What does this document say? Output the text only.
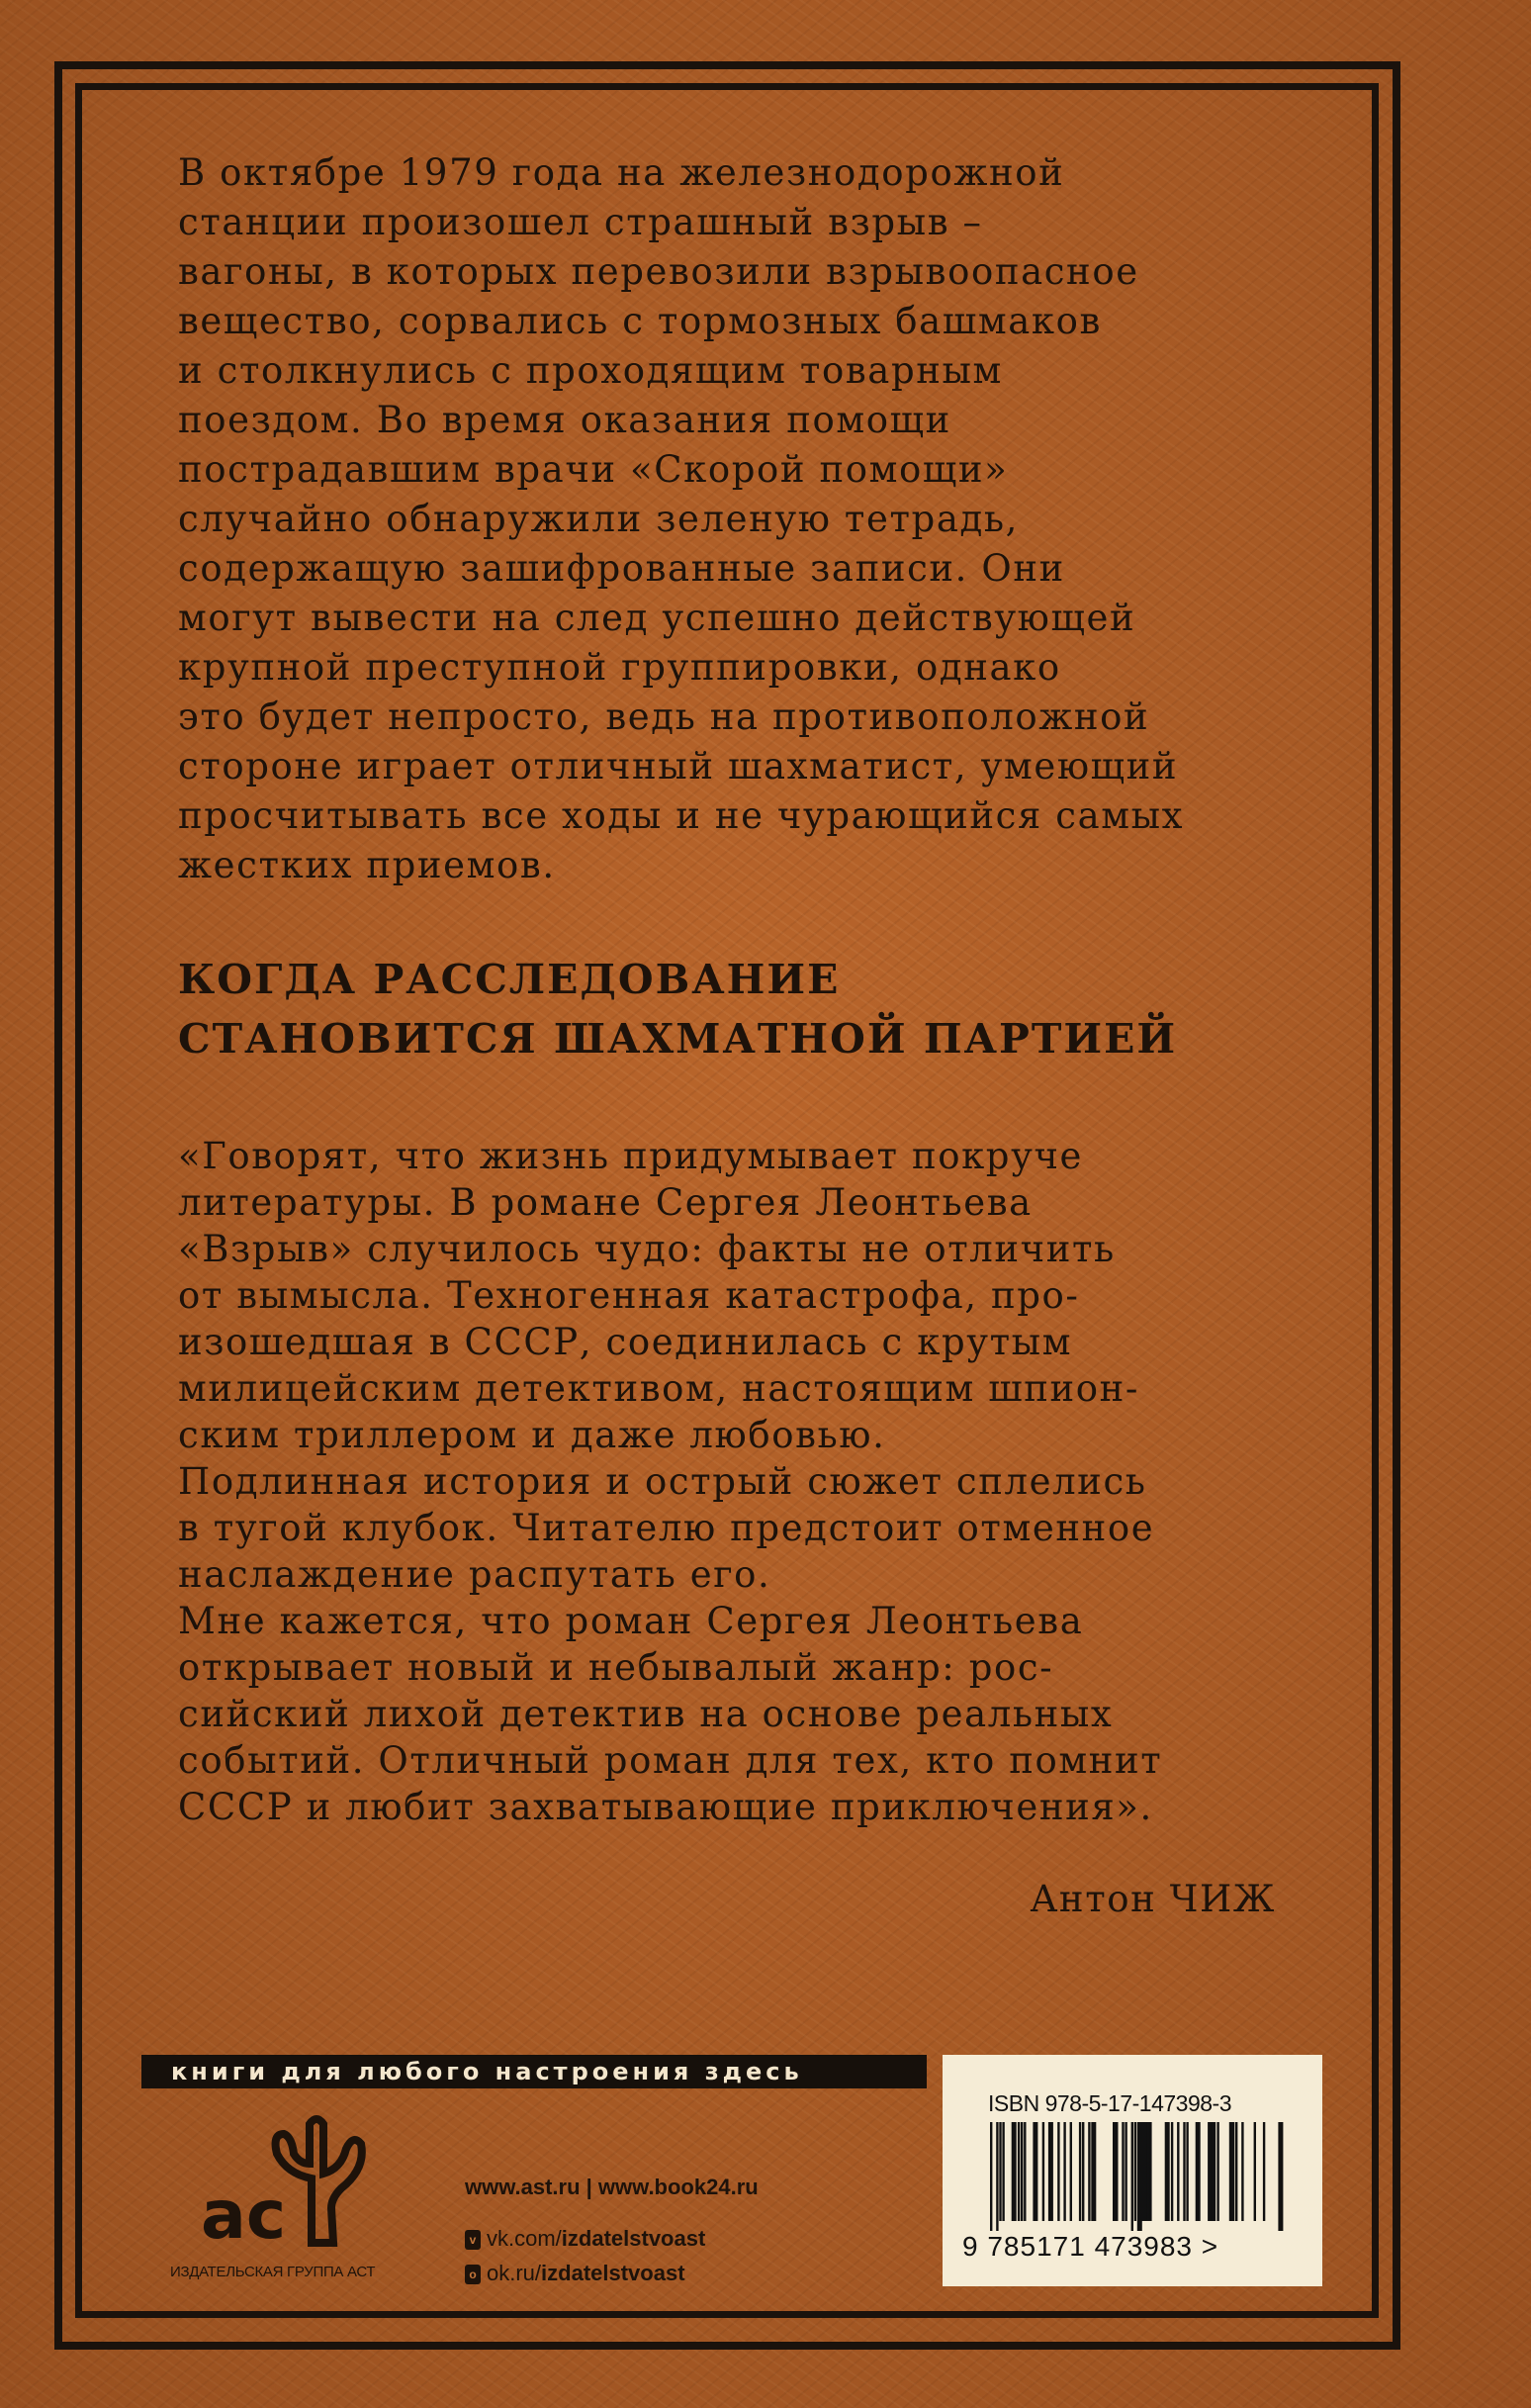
В октябре 1979 года на железнодорожной
станции произошел страшный взрыв –
вагоны, в которых перевозили взрывоопасное
вещество, сорвались с тормозных башмаков
и столкнулись с проходящим товарным
поездом. Во время оказания помощи
пострадавшим врачи «Скорой помощи»
случайно обнаружили зеленую тетрадь,
содержащую зашифрованные записи. Они
могут вывести на след успешно действующей
крупной преступной группировки, однако
это будет непросто, ведь на противоположной
стороне играет отличный шахматист, умеющий
просчитывать все ходы и не чурающийся самых
жестких приемов.
КОГДА РАССЛЕДОВАНИЕ
СТАНОВИТСЯ ШАХМАТНОЙ ПАРТИЕЙ
«Говорят, что жизнь придумывает покруче
литературы. В романе Сергея Леонтьева
«Взрыв» случилось чудо: факты не отличить
от вымысла. Техногенная катастрофа, про-
изошедшая в СССР, соединилась с крутым
милицейским детективом, настоящим шпион-
ским триллером и даже любовью.
Подлинная история и острый сюжет сплелись
в тугой клубок. Читателю предстоит отменное
наслаждение распутать его.
Мне кажется, что роман Сергея Леонтьева
открывает новый и небывалый жанр: рос-
сийский лихой детектив на основе реальных
событий. Отличный роман для тех, кто помнит
СССР и любит захватывающие приключения».
Антон ЧИЖ
книги для любого настроения здесь
ас
ИЗДАТЕЛЬСКАЯ ГРУППА АСТ
www.ast.ru | www.book24.ru
v vk.com/izdatelstvoast
o ok.ru/izdatelstvoast
ISBN 978-5-17-147398-3
9 785171 473983 >
